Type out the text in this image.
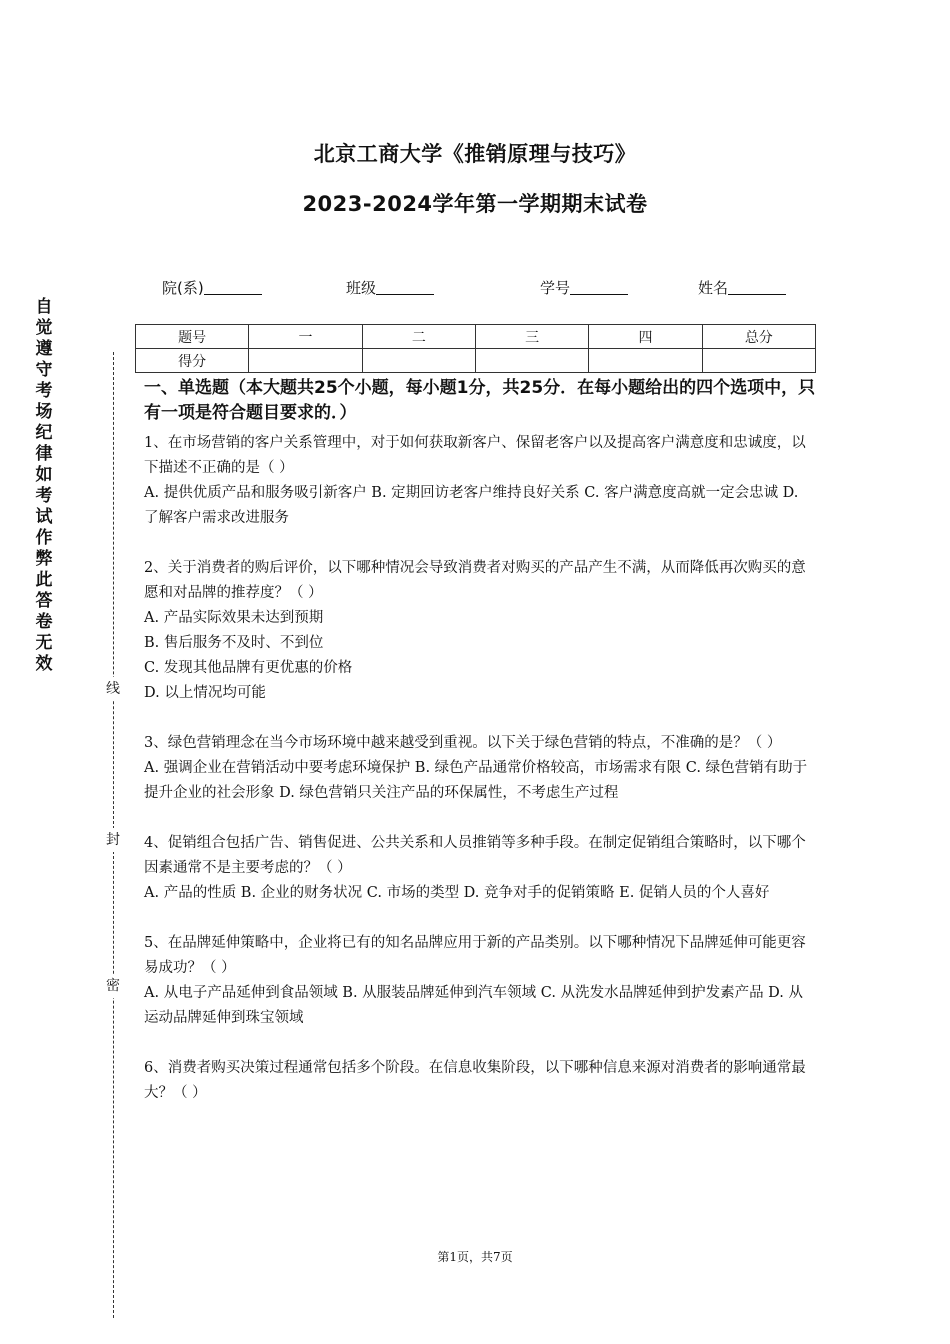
北京工商大学《推销原理与技巧》
2023-2024学年第一学期期末试卷
院(系)	班级	学号	姓名
题号	一	二	三	四	总分
得分					
自觉遵守考场纪律如考试作弊此答卷无效
线
封
密

一、单选题（本大题共25个小题，每小题1分，共25分．在每小题给出的四个选项中，只有一项是符合题目要求的．）

1、在市场营销的客户关系管理中，对于如何获取新客户、保留老客户以及提高客户满意度和忠诚度，以下描述不正确的是（ ）

A. 提供优质产品和服务吸引新客户 B. 定期回访老客户维持良好关系 C. 客户满意度高就一定会忠诚 D. 了解客户需求改进服务

2、关于消费者的购后评价，以下哪种情况会导致消费者对购买的产品产生不满，从而降低再次购买的意愿和对品牌的推荐度？（ ）

A. 产品实际效果未达到预期

B. 售后服务不及时、不到位

C. 发现其他品牌有更优惠的价格

D. 以上情况均可能

3、绿色营销理念在当今市场环境中越来越受到重视。以下关于绿色营销的特点，不准确的是？（ ）

A. 强调企业在营销活动中要考虑环境保护 B. 绿色产品通常价格较高，市场需求有限 C. 绿色营销有助于提升企业的社会形象 D. 绿色营销只关注产品的环保属性，不考虑生产过程

4、促销组合包括广告、销售促进、公共关系和人员推销等多种手段。在制定促销组合策略时，以下哪个因素通常不是主要考虑的？（ ）

A. 产品的性质 B. 企业的财务状况 C. 市场的类型 D. 竞争对手的促销策略 E. 促销人员的个人喜好

5、在品牌延伸策略中，企业将已有的知名品牌应用于新的产品类别。以下哪种情况下品牌延伸可能更容易成功？（ ）

A. 从电子产品延伸到食品领域 B. 从服装品牌延伸到汽车领域 C. 从洗发水品牌延伸到护发素产品 D. 从运动品牌延伸到珠宝领域

6、消费者购买决策过程通常包括多个阶段。在信息收集阶段，以下哪种信息来源对消费者的影响通常最大？（ ）

第1页，共7页
